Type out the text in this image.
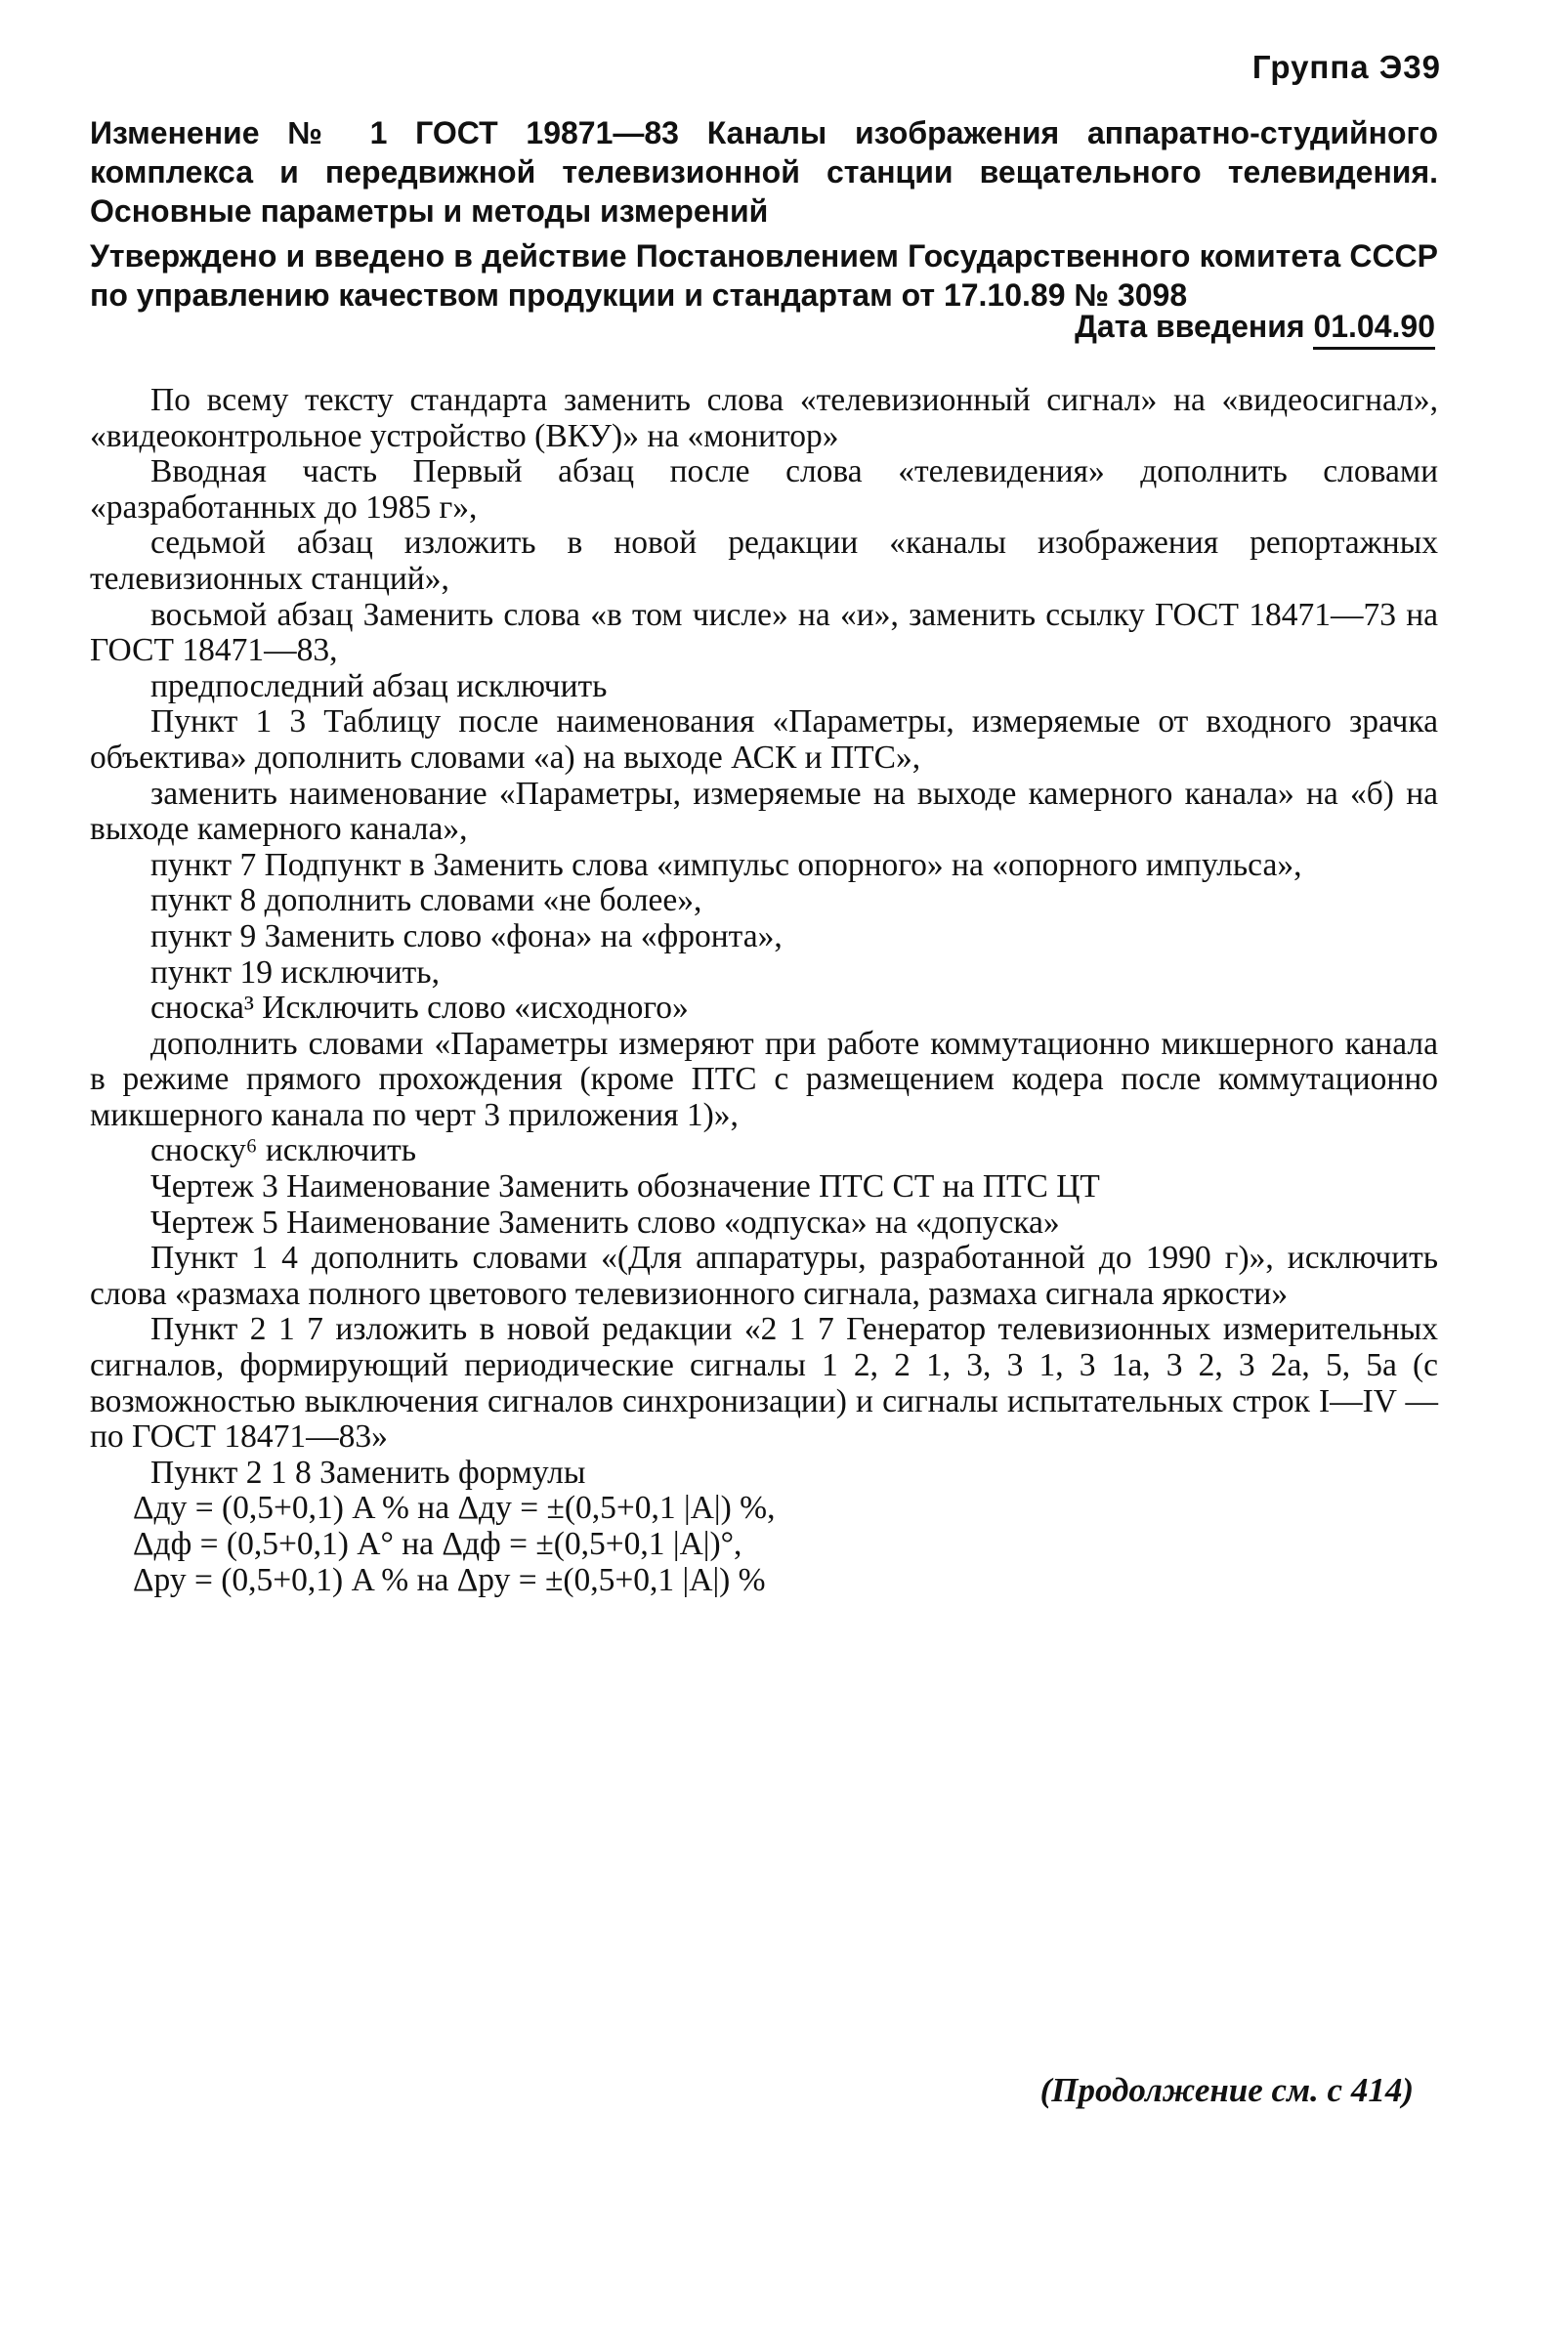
Группа Э39
Изменение № 1 ГОСТ 19871—83 Каналы изображения аппаратно-студийного комплекса и передвижной телевизионной станции вещательного телевидения. Основные параметры и методы измерений
Утверждено и введено в действие Постановлением Государственного комитета СССР по управлению качеством продукции и стандартам от 17.10.89 № 3098
Дата введения 01.04.90

По всему тексту стандарта заменить слова «телевизионный сигнал» на «видеосигнал», «видеоконтрольное устройство (ВКУ)» на «монитор»

Вводная часть Первый абзац после слова «телевидения» дополнить словами «разработанных до 1985 г»,

седьмой абзац изложить в новой редакции «каналы изображения репортажных телевизионных станций»,

восьмой абзац Заменить слова «в том числе» на «и», заменить ссылку ГОСТ 18471—73 на ГОСТ 18471—83,

предпоследний абзац исключить

Пункт 1 3 Таблицу после наименования «Параметры, измеряемые от входного зрачка объектива» дополнить словами «а) на выходе АСК и ПТС»,

заменить наименование «Параметры, измеряемые на выходе камерного канала» на «б) на выходе камерного канала»,

пункт 7 Подпункт в Заменить слова «импульс опорного» на «опорного импульса»,

пункт 8 дополнить словами «не более»,

пункт 9 Заменить слово «фона» на «фронта»,

пункт 19 исключить,

сноска³ Исключить слово «исходного»

дополнить словами «Параметры измеряют при работе коммутационно микшерного канала в режиме прямого прохождения (кроме ПТС с размещением кодера после коммутационно микшерного канала по черт 3 приложения 1)»,

сноску⁶ исключить

Чертеж 3 Наименование Заменить обозначение ПТС СТ на ПТС ЦТ

Чертеж 5 Наименование Заменить слово «одпуска» на «допуска»

Пункт 1 4 дополнить словами «(Для аппаратуры, разработанной до 1990 г)», исключить слова «размаха полного цветового телевизионного сигнала, размаха сигнала яркости»

Пункт 2 1 7 изложить в новой редакции «2 1 7 Генератор телевизионных измерительных сигналов, формирующий периодические сигналы 1 2, 2 1, 3, 3 1, 3 1а, 3 2, 3 2а, 5, 5а (с возможностью выключения сигналов синхронизации) и сигналы испытательных строк I—IV — по ГОСТ 18471—83»

Пункт 2 1 8 Заменить формулы
Δду = (0,5+0,1) A % на Δду = ±(0,5+0,1 |A|) %,
Δдф = (0,5+0,1) A° на Δдф = ±(0,5+0,1 |A|)°,
Δру = (0,5+0,1) A % на Δру = ±(0,5+0,1 |A|) %
(Продолжение см. с 414)
